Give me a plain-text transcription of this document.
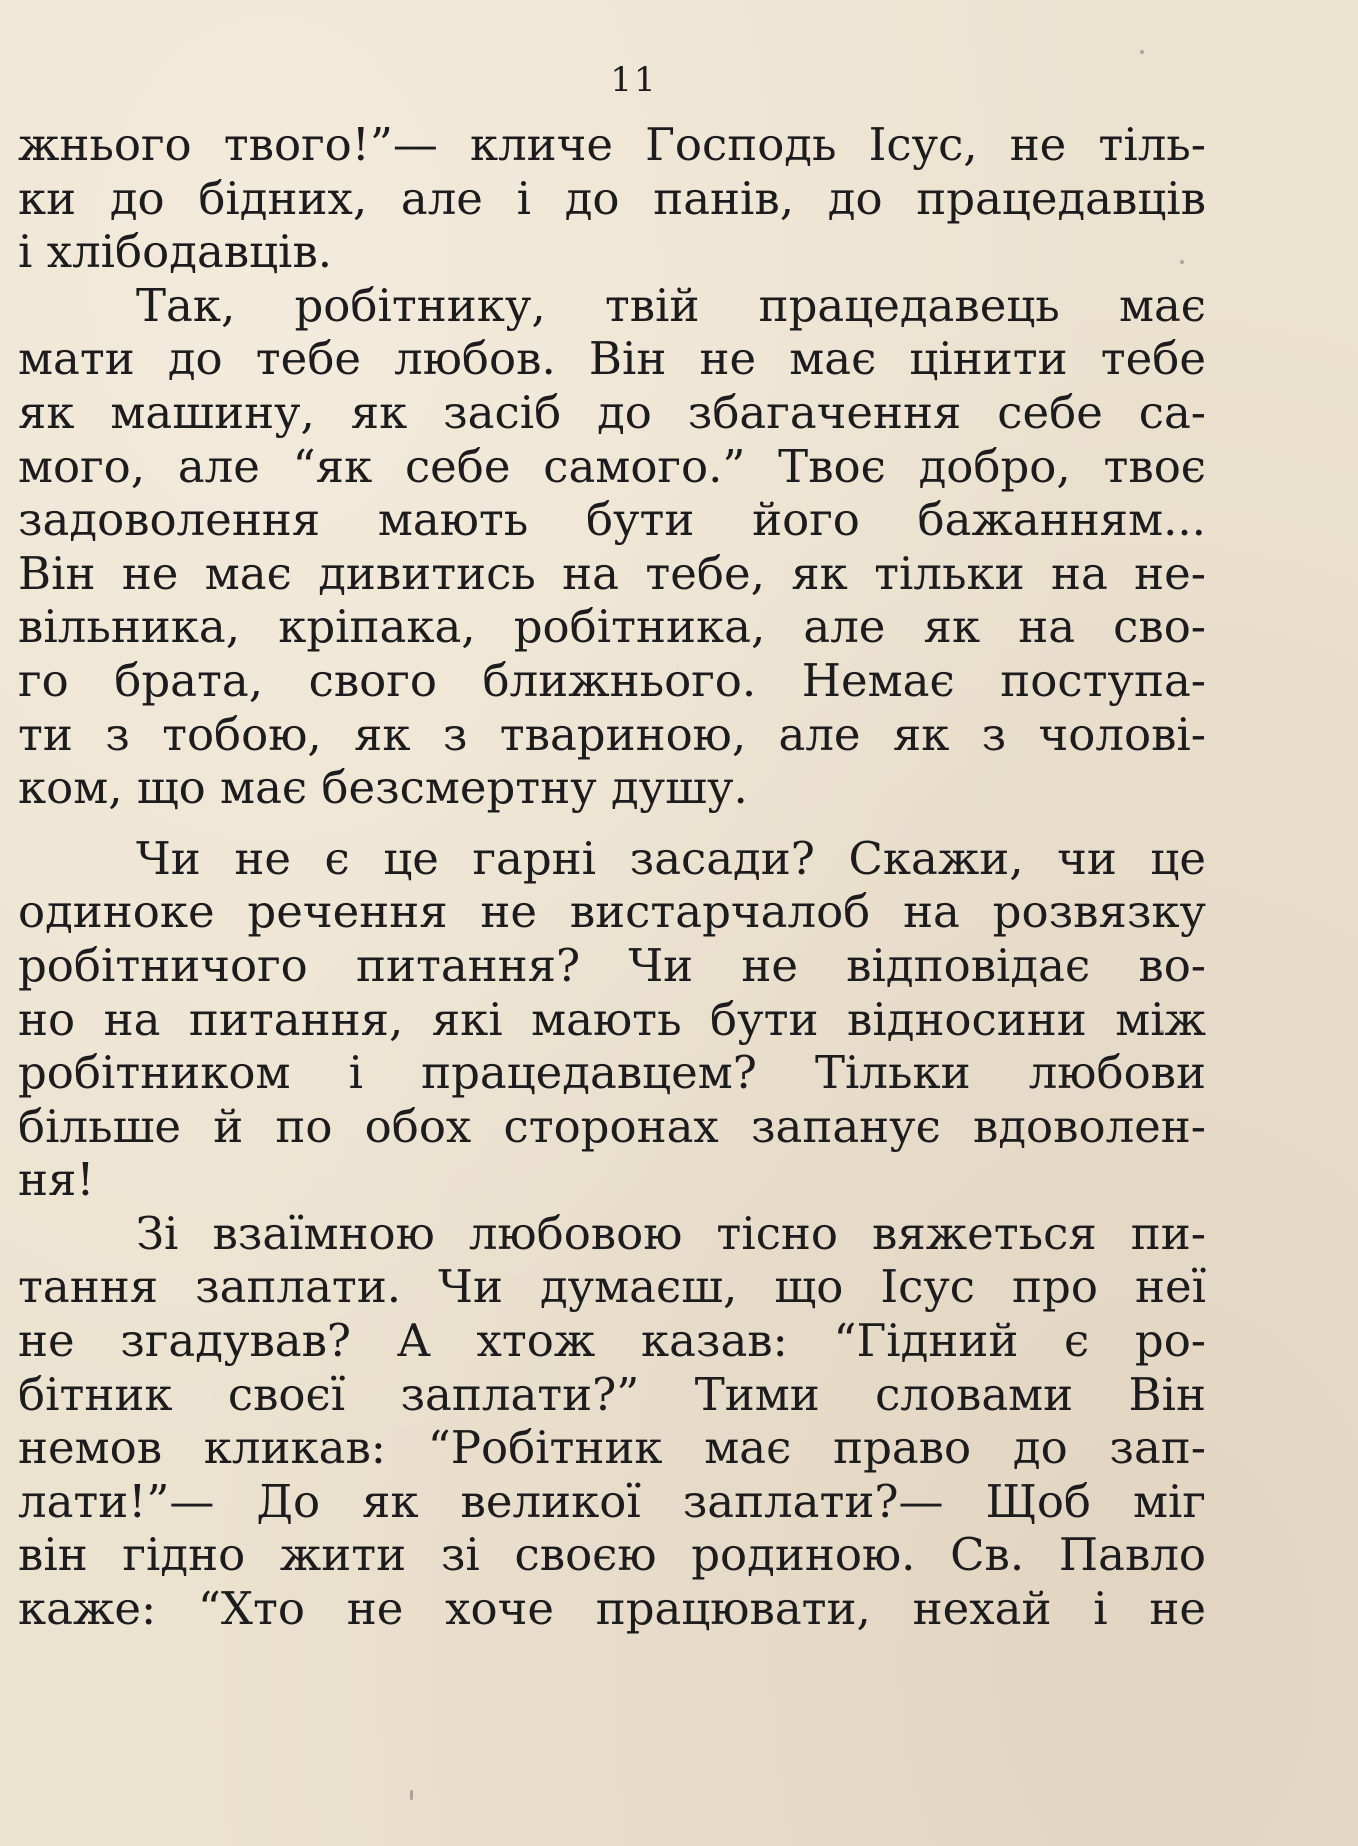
11
жнього твого!”— кличе Господь Ісус, не тіль-
ки до бідних, але і до панів, до працедавців
і хлібодавців.
Так, робітнику, твій працедавець має
мати до тебе любов. Він не має цінити тебе
як машину, як засіб до збагачення себе са-
мого, але “як себе самого.” Твоє добро, твоє
задоволення мають бути його бажанням...
Він не має дивитись на тебе, як тільки на не-
вільника, кріпака, робітника, але як на сво-
го брата, свого ближнього. Немає поступа-
ти з тобою, як з твариною, але як з чолові-
ком, що має безсмертну душу.
Чи не є це гарні засади? Скажи, чи це
одиноке речення не вистарчалоб на розвязку
робітничого питання? Чи не відповідає во-
но на питання, які мають бути відносини між
робітником і працедавцем? Тільки любови
більше й по обох сторонах запанує вдоволен-
ня!
Зі взаїмною любовою тісно вяжеться пи-
тання заплати. Чи думаєш, що Ісус про неї
не згадував? А хтож казав: “Гідний є ро-
бітник своєї заплати?” Тими словами Він
немов кликав: “Робітник має право до зап-
лати!”— До як великої заплати?— Щоб міг
він гідно жити зі своєю родиною. Св. Павло
каже: “Хто не хоче працювати, нехай і не
